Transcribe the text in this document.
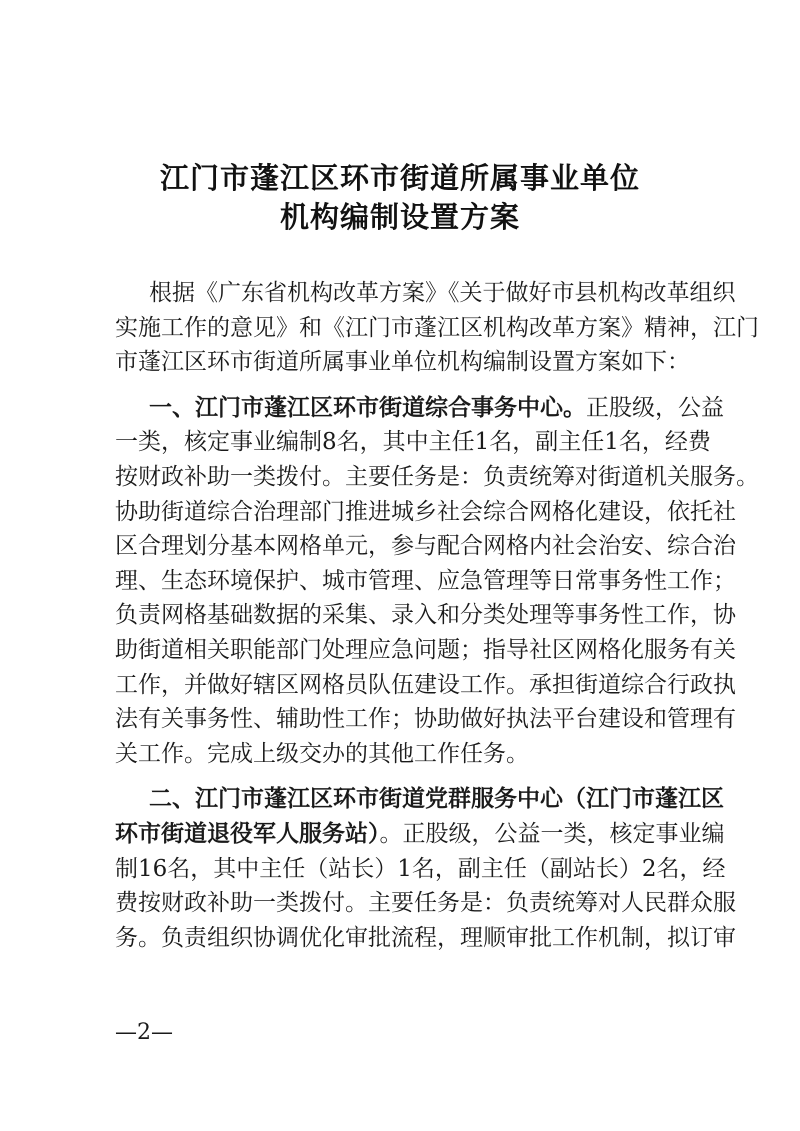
江门市蓬江区环市街道所属事业单位
机构编制设置方案
根据《广东省机构改革方案》《关于做好市县机构改革组织
实施工作的意见》和《江门市蓬江区机构改革方案》精神，江门
市蓬江区环市街道所属事业单位机构编制设置方案如下：
一、江门市蓬江区环市街道综合事务中心。正股级，公益
一类，核定事业编制8名，其中主任1名，副主任1名，经费
按财政补助一类拨付。主要任务是：负责统筹对街道机关服务。
协助街道综合治理部门推进城乡社会综合网格化建设，依托社
区合理划分基本网格单元，参与配合网格内社会治安、综合治
理、生态环境保护、城市管理、应急管理等日常事务性工作；
负责网格基础数据的采集、录入和分类处理等事务性工作，协
助街道相关职能部门处理应急问题；指导社区网格化服务有关
工作，并做好辖区网格员队伍建设工作。承担街道综合行政执
法有关事务性、辅助性工作；协助做好执法平台建设和管理有
关工作。完成上级交办的其他工作任务。
二、江门市蓬江区环市街道党群服务中心（江门市蓬江区
环市街道退役军人服务站）。正股级，公益一类，核定事业编
制16名，其中主任（站长）1名，副主任（副站长）2名，经
费按财政补助一类拨付。主要任务是：负责统筹对人民群众服
务。负责组织协调优化审批流程，理顺审批工作机制，拟订审
—2—
